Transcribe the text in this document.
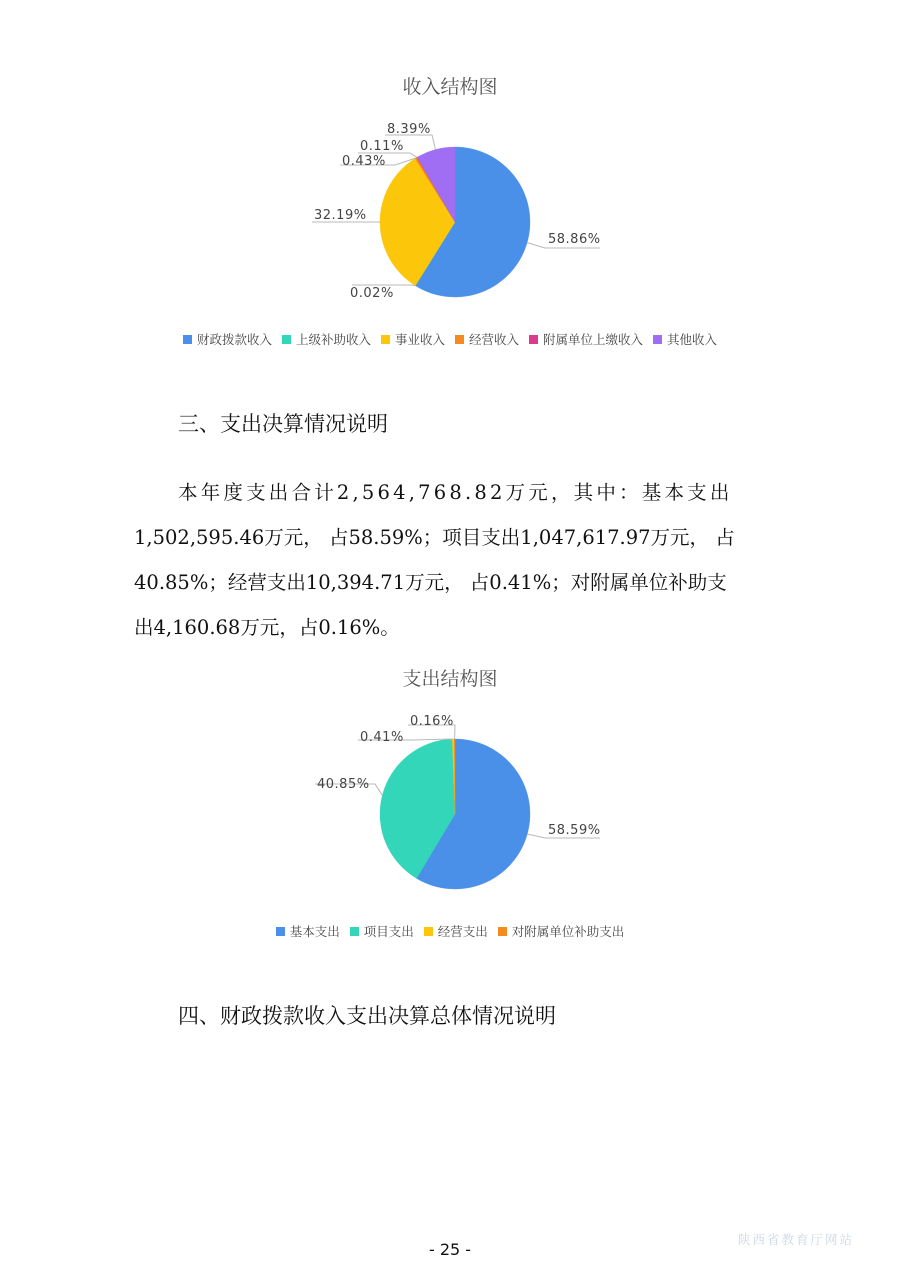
收入结构图
58.86%
0.02%
32.19%
0.43%
0.11%
8.39%
财政拨款收入 上级补助收入 事业收入 经营收入 附属单位上缴收入 其他收入
三、支出决算情况说明
本年度支出合计2,564,768.82万元，其中：基本支出
1,502,595.46万元， 占58.59%；项目支出1,047,617.97万元， 占
40.85%；经营支出10,394.71万元， 占0.41%；对附属单位补助支
出4,160.68万元，占0.16%。
支出结构图
58.59%
40.85%
0.41%
0.16%
基本支出 项目支出 经营支出 对附属单位补助支出
四、财政拨款收入支出决算总体情况说明
- 25 -
陕西省教育厅网站
